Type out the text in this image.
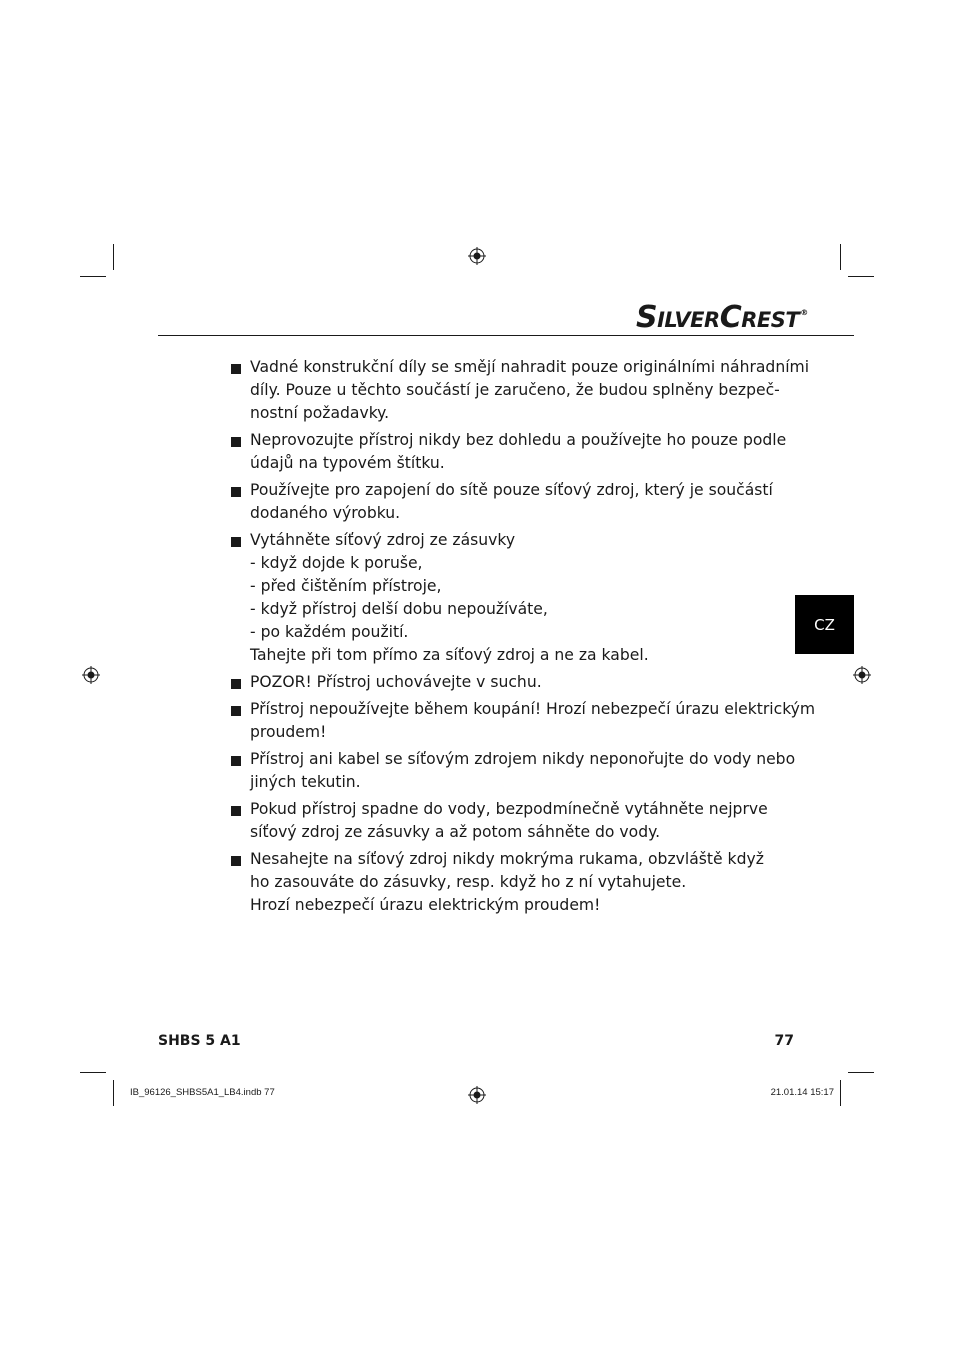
SILVERCREST®
Vadné konstrukční díly se smějí nahradit pouze originálními náhradními
díly. Pouze u těchto součástí je zaručeno, že budou splněny bezpeč-
nostní požadavky.
Neprovozujte přístroj nikdy bez dohledu a používejte ho pouze podle
údajů na typovém štítku.
Používejte pro zapojení do sítě pouze síťový zdroj, který je součástí
dodaného výrobku.
Vytáhněte síťový zdroj ze zásuvky
- když dojde k poruše,
- před čištěním přístroje,
- když přístroj delší dobu nepoužíváte,
- po každém použití.
Tahejte při tom přímo za síťový zdroj a ne za kabel.
POZOR! Přístroj uchovávejte v suchu.
Přístroj nepoužívejte během koupání! Hrozí nebezpečí úrazu elektrickým
proudem!
Přístroj ani kabel se síťovým zdrojem nikdy neponořujte do vody nebo
jiných tekutin.
Pokud přístroj spadne do vody, bezpodmínečně vytáhněte nejprve
síťový zdroj ze zásuvky a až potom sáhněte do vody.
Nesahejte na síťový zdroj nikdy mokrýma rukama, obzvláště když
ho zasouváte do zásuvky, resp. když ho z ní vytahujete.
Hrozí nebezpečí úrazu elektrickým proudem!
CZ
SHBS 5 A1	77
IB_96126_SHBS5A1_LB4.indb 77	21.01.14 15:17
